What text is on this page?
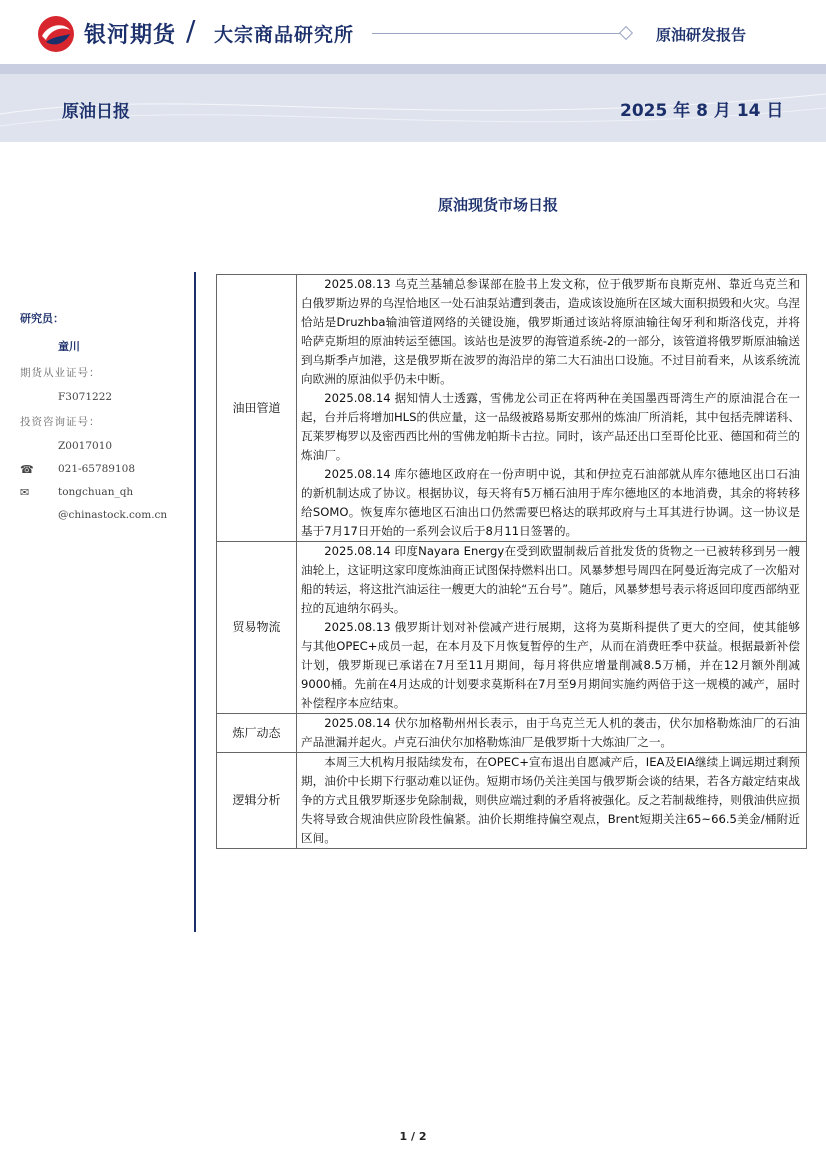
银河期货 / 大宗商品研究所	原油研发报告
原油日报	2025 年 8 月 14 日
原油现货市场日报
研究员：
童川
期货从业证号：
F3071222
投资咨询证号：
Z0017010
☎	021-65789108
✉	tongchuan_qh
@chinastock.com.cn
油田管道	2025.08.13 乌克兰基辅总参谋部在脸书上发文称，位于俄罗斯布良斯克州、靠近乌克兰和白俄罗斯边界的乌涅恰地区一处石油泵站遭到袭击，造成该设施所在区域大面积损毁和火灾。乌涅恰站是Druzhba输油管道网络的关键设施，俄罗斯通过该站将原油输往匈牙利和斯洛伐克，并将哈萨克斯坦的原油转运至德国。该站也是波罗的海管道系统-2的一部分，该管道将俄罗斯原油输送到乌斯季卢加港，这是俄罗斯在波罗的海沿岸的第二大石油出口设施。不过目前看来，从该系统流向欧洲的原油似乎仍未中断。

2025.08.14 据知情人士透露，雪佛龙公司正在将两种在美国墨西哥湾生产的原油混合在一起，台并后将增加HLS的供应量，这一品级被路易斯安那州的炼油厂所消耗，其中包括壳牌诺科、瓦莱罗梅罗以及密西西比州的雪佛龙帕斯卡古拉。同时，该产品还出口至哥伦比亚、德国和荷兰的炼油厂。

2025.08.14 库尔德地区政府在一份声明中说，其和伊拉克石油部就从库尔德地区出口石油的新机制达成了协议。根据协议，每天将有5万桶石油用于库尔德地区的本地消费，其余的将转移给SOMO。恢复库尔德地区石油出口仍然需要巴格达的联邦政府与土耳其进行协调。这一协议是基于7月17日开始的一系列会议后于8月11日签署的。

贸易物流	2025.08.14 印度Nayara Energy在受到欧盟制裁后首批发货的货物之一已被转移到另一艘油轮上，这证明这家印度炼油商正试图保持燃料出口。风暴梦想号周四在阿曼近海完成了一次船对船的转运，将这批汽油运往一艘更大的油轮“五台号”。随后，风暴梦想号表示将返回印度西部纳亚拉的瓦迪纳尔码头。

2025.08.13 俄罗斯计划对补偿减产进行展期，这将为莫斯科提供了更大的空间，使其能够与其他OPEC+成员一起，在本月及下月恢复暂停的生产，从而在消费旺季中获益。根据最新补偿计划，俄罗斯现已承诺在7月至11月期间，每月将供应增量削减8.5万桶，并在12月额外削减9000桶。先前在4月达成的计划要求莫斯科在7月至9月期间实施约两倍于这一规模的减产，届时补偿程序本应结束。

炼厂动态	2025.08.14 伏尔加格勒州州长表示，由于乌克兰无人机的袭击，伏尔加格勒炼油厂的石油产品泄漏并起火。卢克石油伏尔加格勒炼油厂是俄罗斯十大炼油厂之一。

逻辑分析	本周三大机构月报陆续发布，在OPEC+宣布退出自愿减产后，IEA及EIA继续上调远期过剩预期，油价中长期下行驱动难以证伪。短期市场仍关注美国与俄罗斯会谈的结果，若各方敲定结束战争的方式且俄罗斯逐步免除制裁，则供应端过剩的矛盾将被强化。反之若制裁维持，则俄油供应损失将导致合规油供应阶段性偏紧。油价长期维持偏空观点，Brent短期关注65~66.5美金/桶附近区间。

1 / 2
